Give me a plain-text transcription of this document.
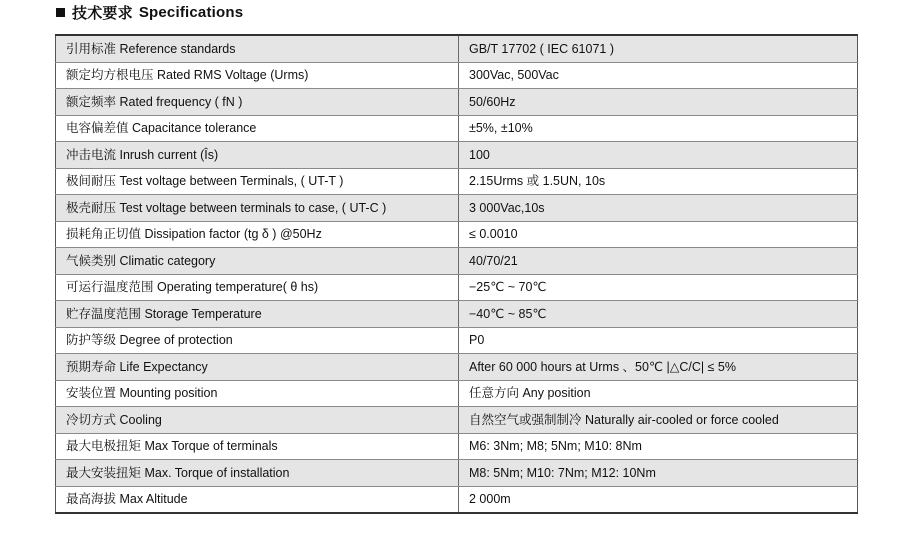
技术要求 Specifications
引用标准 Reference standards	GB/T 17702 ( IEC 61071 )
额定均方根电压 Rated RMS Voltage (Urms)	300Vac, 500Vac
额定频率 Rated frequency ( fN )	50/60Hz
电容偏差值 Capacitance tolerance	±5%, ±10%
冲击电流 Inrush current (Îs)	100
极间耐压 Test voltage between Terminals, ( UT-T )	2.15Urms 或 1.5UN, 10s
极壳耐压 Test voltage between terminals to case, ( UT-C )	3 000Vac,10s
损耗角正切值 Dissipation factor (tg δ ) @50Hz	≤ 0.0010
气候类别 Climatic category	40/70/21
可运行温度范围 Operating temperature( θ hs)	−25℃ ~ 70℃
贮存温度范围 Storage Temperature	−40℃ ~ 85℃
防护等级 Degree of protection	P0
预期寿命 Life Expectancy	After 60 000 hours at Urms 、50℃ |△C/C| ≤ 5%
安装位置 Mounting position	任意方向 Any position
冷切方式 Cooling	自然空气或强制制冷 Naturally air-cooled or force cooled
最大电极扭矩 Max Torque of terminals	M6: 3Nm; M8; 5Nm; M10: 8Nm
最大安装扭矩 Max. Torque of installation	M8: 5Nm; M10: 7Nm; M12: 10Nm
最高海拔 Max Altitude	2 000m
